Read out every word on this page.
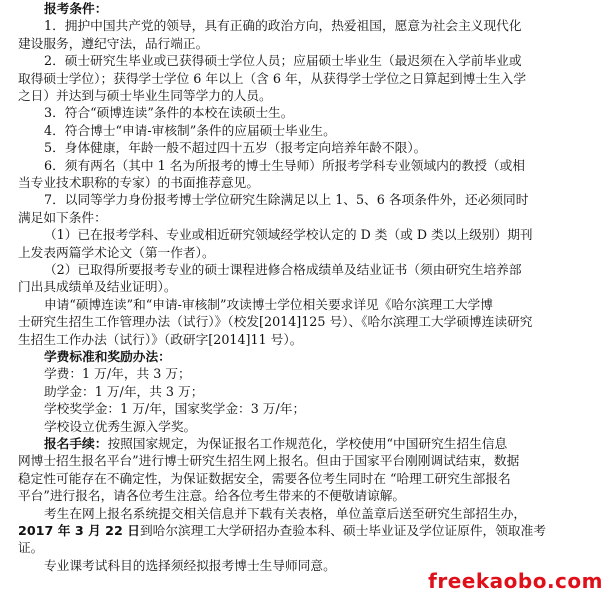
报考条件：
1．拥护中国共产党的领导，具有正确的政治方向，热爱祖国，愿意为社会主义现代化
建设服务，遵纪守法，品行端正。
2．硕士研究生毕业或已获得硕士学位人员；应届硕士毕业生（最迟须在入学前毕业或
取得硕士学位）；获得学士学位 6 年以上（含 6 年，从获得学士学位之日算起到博士生入学
之日）并达到与硕士毕业生同等学力的人员。
3．符合“硕博连读”条件的本校在读硕士生。
4．符合博士“申请-审核制”条件的应届硕士毕业生。
5．身体健康，年龄一般不超过四十五岁（报考定向培养年龄不限）。
6．须有两名（其中 1 名为所报考的博士生导师）所报考学科专业领域内的教授（或相
当专业技术职称的专家）的书面推荐意见。
7．以同等学力身份报考博士学位研究生除满足以上 1、5、6 各项条件外，还必须同时
满足如下条件：
（1）已在报考学科、专业或相近研究领域经学校认定的 D 类（或 D 类以上级别）期刊
上发表两篇学术论文（第一作者）。
（2）已取得所要报考专业的硕士课程进修合格成绩单及结业证书（须由研究生培养部
门出具成绩单及结业证明）。
申请“硕博连读”和“申请-审核制”攻读博士学位相关要求详见《哈尔滨理工大学博
士研究生招生工作管理办法（试行）》（校发[2014]125 号）、《哈尔滨理工大学硕博连读研究
生招生工作办法（试行）》（政研字[2014]11 号）。
学费标准和奖励办法：
学费：1 万/年，共 3 万；
助学金：1 万/年，共 3 万；
学校奖学金：1 万/年，国家奖学金：3 万/年；
学校设立优秀生源入学奖。
报名手续：按照国家规定，为保证报名工作规范化，学校使用“中国研究生招生信息
网博士招生报名平台”进行博士研究生招生网上报名。但由于国家平台刚刚调试结束，数据
稳定性可能存在不确定性，为保证数据安全，需要各位考生同时在 “哈理工研究生部报名
平台”进行报名，请各位考生注意。给各位考生带来的不便敬请谅解。
考生在网上报名系统提交相关信息并下载有关表格，单位盖章后送至研究生部招生办，
2017 年 3 月 22 日到哈尔滨理工大学研招办查验本科、硕士毕业证及学位证原件，领取准考
证。
专业课考试科目的选择须经拟报考博士生导师同意。
freekaobo.com
